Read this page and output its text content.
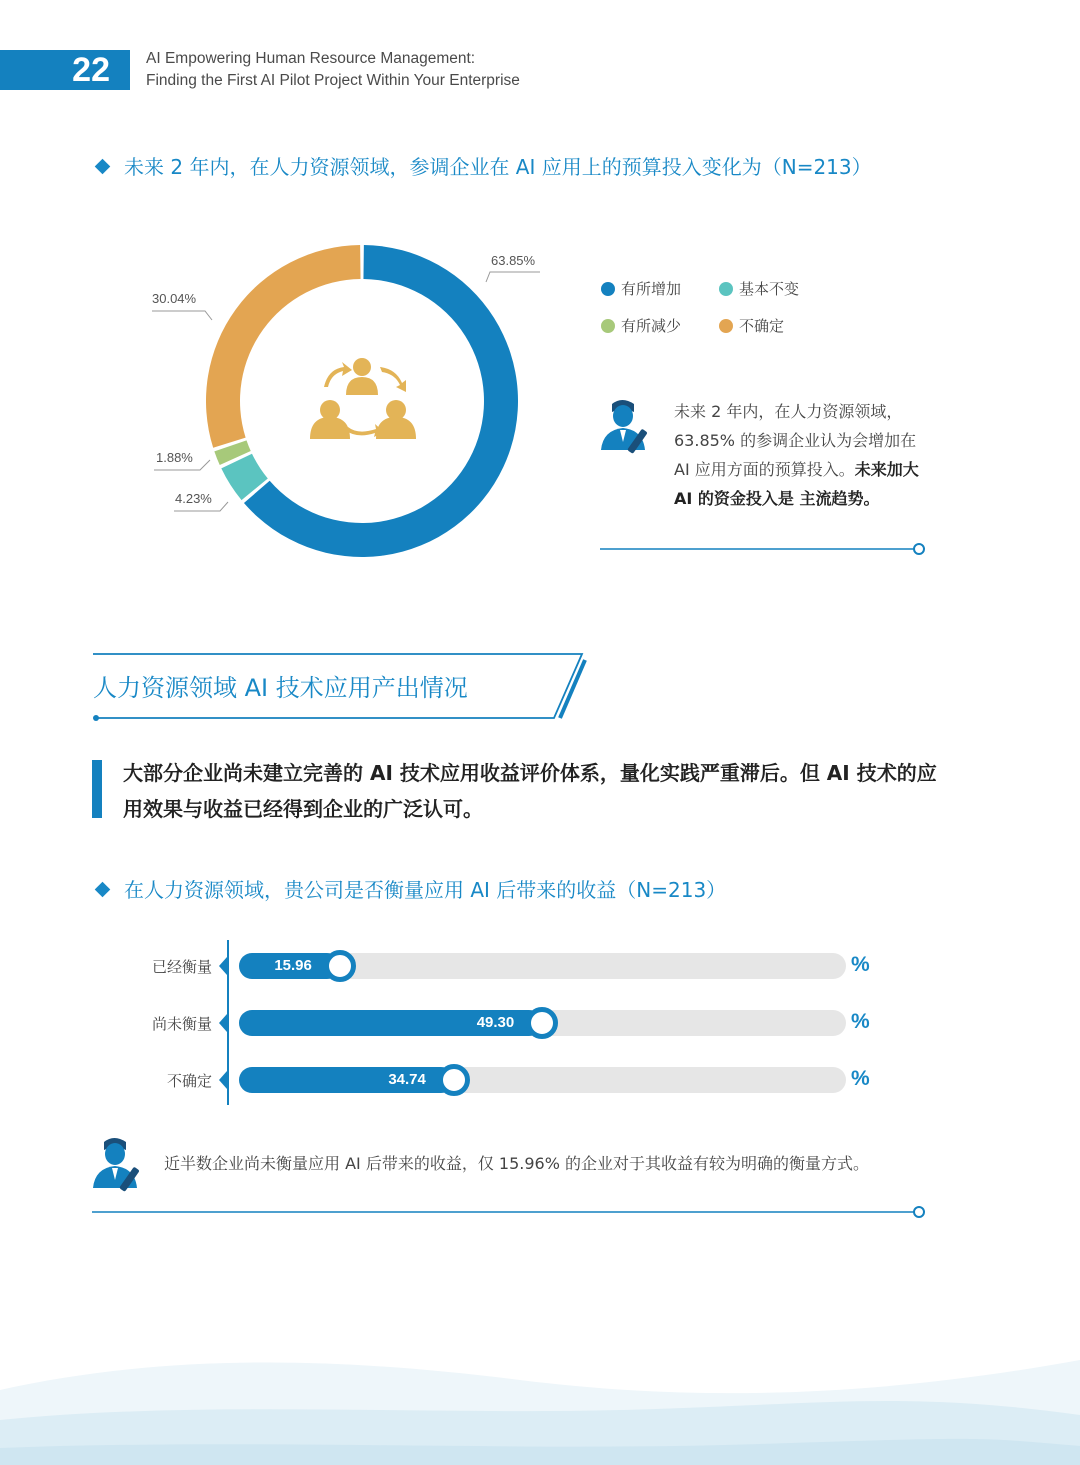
22	AI Empowering Human Resource Management:
Finding the First AI Pilot Project Within Your Enterprise
未来 2 年内，在人力资源领域，参调企业在 AI 应用上的预算投入变化为（N=213）
63.85%
30.04%
1.88%
4.23%
有所增加	基本不变
有所减少	不确定
未来 2 年内，在人力资源领域，63.85% 的参调企业认为会增加在 AI 应用方面的预算投入。未来加大 AI 的资金投入是 主流趋势。
人力资源领域 AI 技术应用产出情况
大部分企业尚未建立完善的 AI 技术应用收益评价体系，量化实践严重滞后。但 AI 技术的应用效果与收益已经得到企业的广泛认可。
在人力资源领域，贵公司是否衡量应用 AI 后带来的收益（N=213）
已经衡量	15.96	%
尚未衡量	49.30	%
不确定	34.74	%
近半数企业尚未衡量应用 AI 后带来的收益，仅 15.96% 的企业对于其收益有较为明确的衡量方式。
